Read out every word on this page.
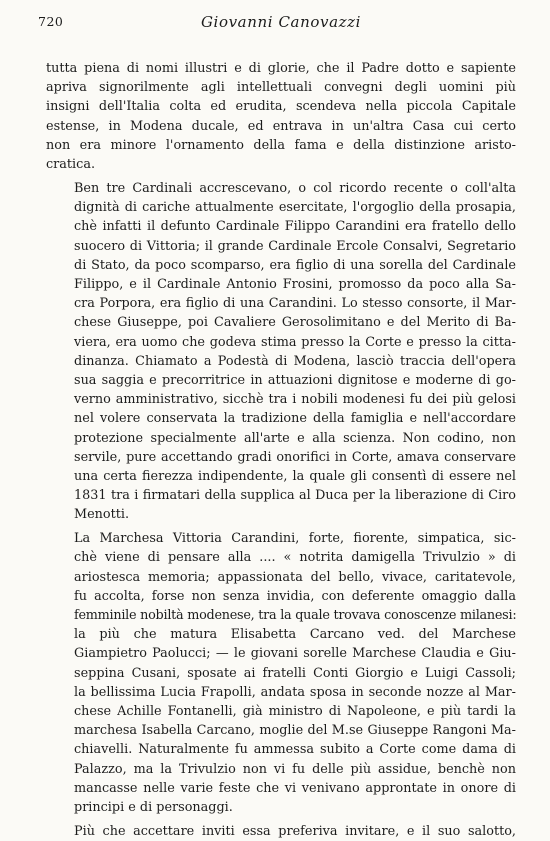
720	Giovanni Canovazzi

tutta piena di nomi illustri e di glorie, che il Padre dotto e sapiente
apriva signorilmente agli intellettuali convegni degli uomini più
insigni dell'Italia colta ed erudita, scendeva nella piccola Capitale
estense, in Modena ducale, ed entrava in un'altra Casa cui certo
non era minore l'ornamento della fama e della distinzione aristo-
cratica.

Ben tre Cardinali accrescevano, o col ricordo recente o coll'alta
dignità di cariche attualmente esercitate, l'orgoglio della prosapia,
chè infatti il defunto Cardinale Filippo Carandini era fratello dello
suocero di Vittoria; il grande Cardinale Ercole Consalvi, Segretario
di Stato, da poco scomparso, era figlio di una sorella del Cardinale
Filippo, e il Cardinale Antonio Frosini, promosso da poco alla Sa-
cra Porpora, era figlio di una Carandini. Lo stesso consorte, il Mar-
chese Giuseppe, poi Cavaliere Gerosolimitano e del Merito di Ba-
viera, era uomo che godeva stima presso la Corte e presso la citta-
dinanza. Chiamato a Podestà di Modena, lasciò traccia dell'opera
sua saggia e precorritrice in attuazioni dignitose e moderne di go-
verno amministrativo, sicchè tra i nobili modenesi fu dei più gelosi
nel volere conservata la tradizione della famiglia e nell'accordare
protezione specialmente all'arte e alla scienza. Non codino, non
servile, pure accettando gradi onorifici in Corte, amava conservare
una certa fierezza indipendente, la quale gli consentì di essere nel
1831 tra i firmatari della supplica al Duca per la liberazione di Ciro
Menotti.

La Marchesa Vittoria Carandini, forte, fiorente, simpatica, sic-
chè viene di pensare alla .... « notrita damigella Trivulzio » di
ariostesca memoria; appassionata del bello, vivace, caritatevole,
fu accolta, forse non senza invidia, con deferente omaggio dalla
femminile nobiltà modenese, tra la quale trovava conoscenze milanesi:
la più che matura Elisabetta Carcano ved. del Marchese
Giampietro Paolucci; — le giovani sorelle Marchese Claudia e Giu-
seppina Cusani, sposate ai fratelli Conti Giorgio e Luigi Cassoli;
la bellissima Lucia Frapolli, andata sposa in seconde nozze al Mar-
chese Achille Fontanelli, già ministro di Napoleone, e più tardi la
marchesa Isabella Carcano, moglie del M.se Giuseppe Rangoni Ma-
chiavelli. Naturalmente fu ammessa subito a Corte come dama di
Palazzo, ma la Trivulzio non vi fu delle più assidue, benchè non
mancasse nelle varie feste che vi venivano approntate in onore di
principi e di personaggi.

Più che accettare inviti essa preferiva invitare, e il suo salotto,
